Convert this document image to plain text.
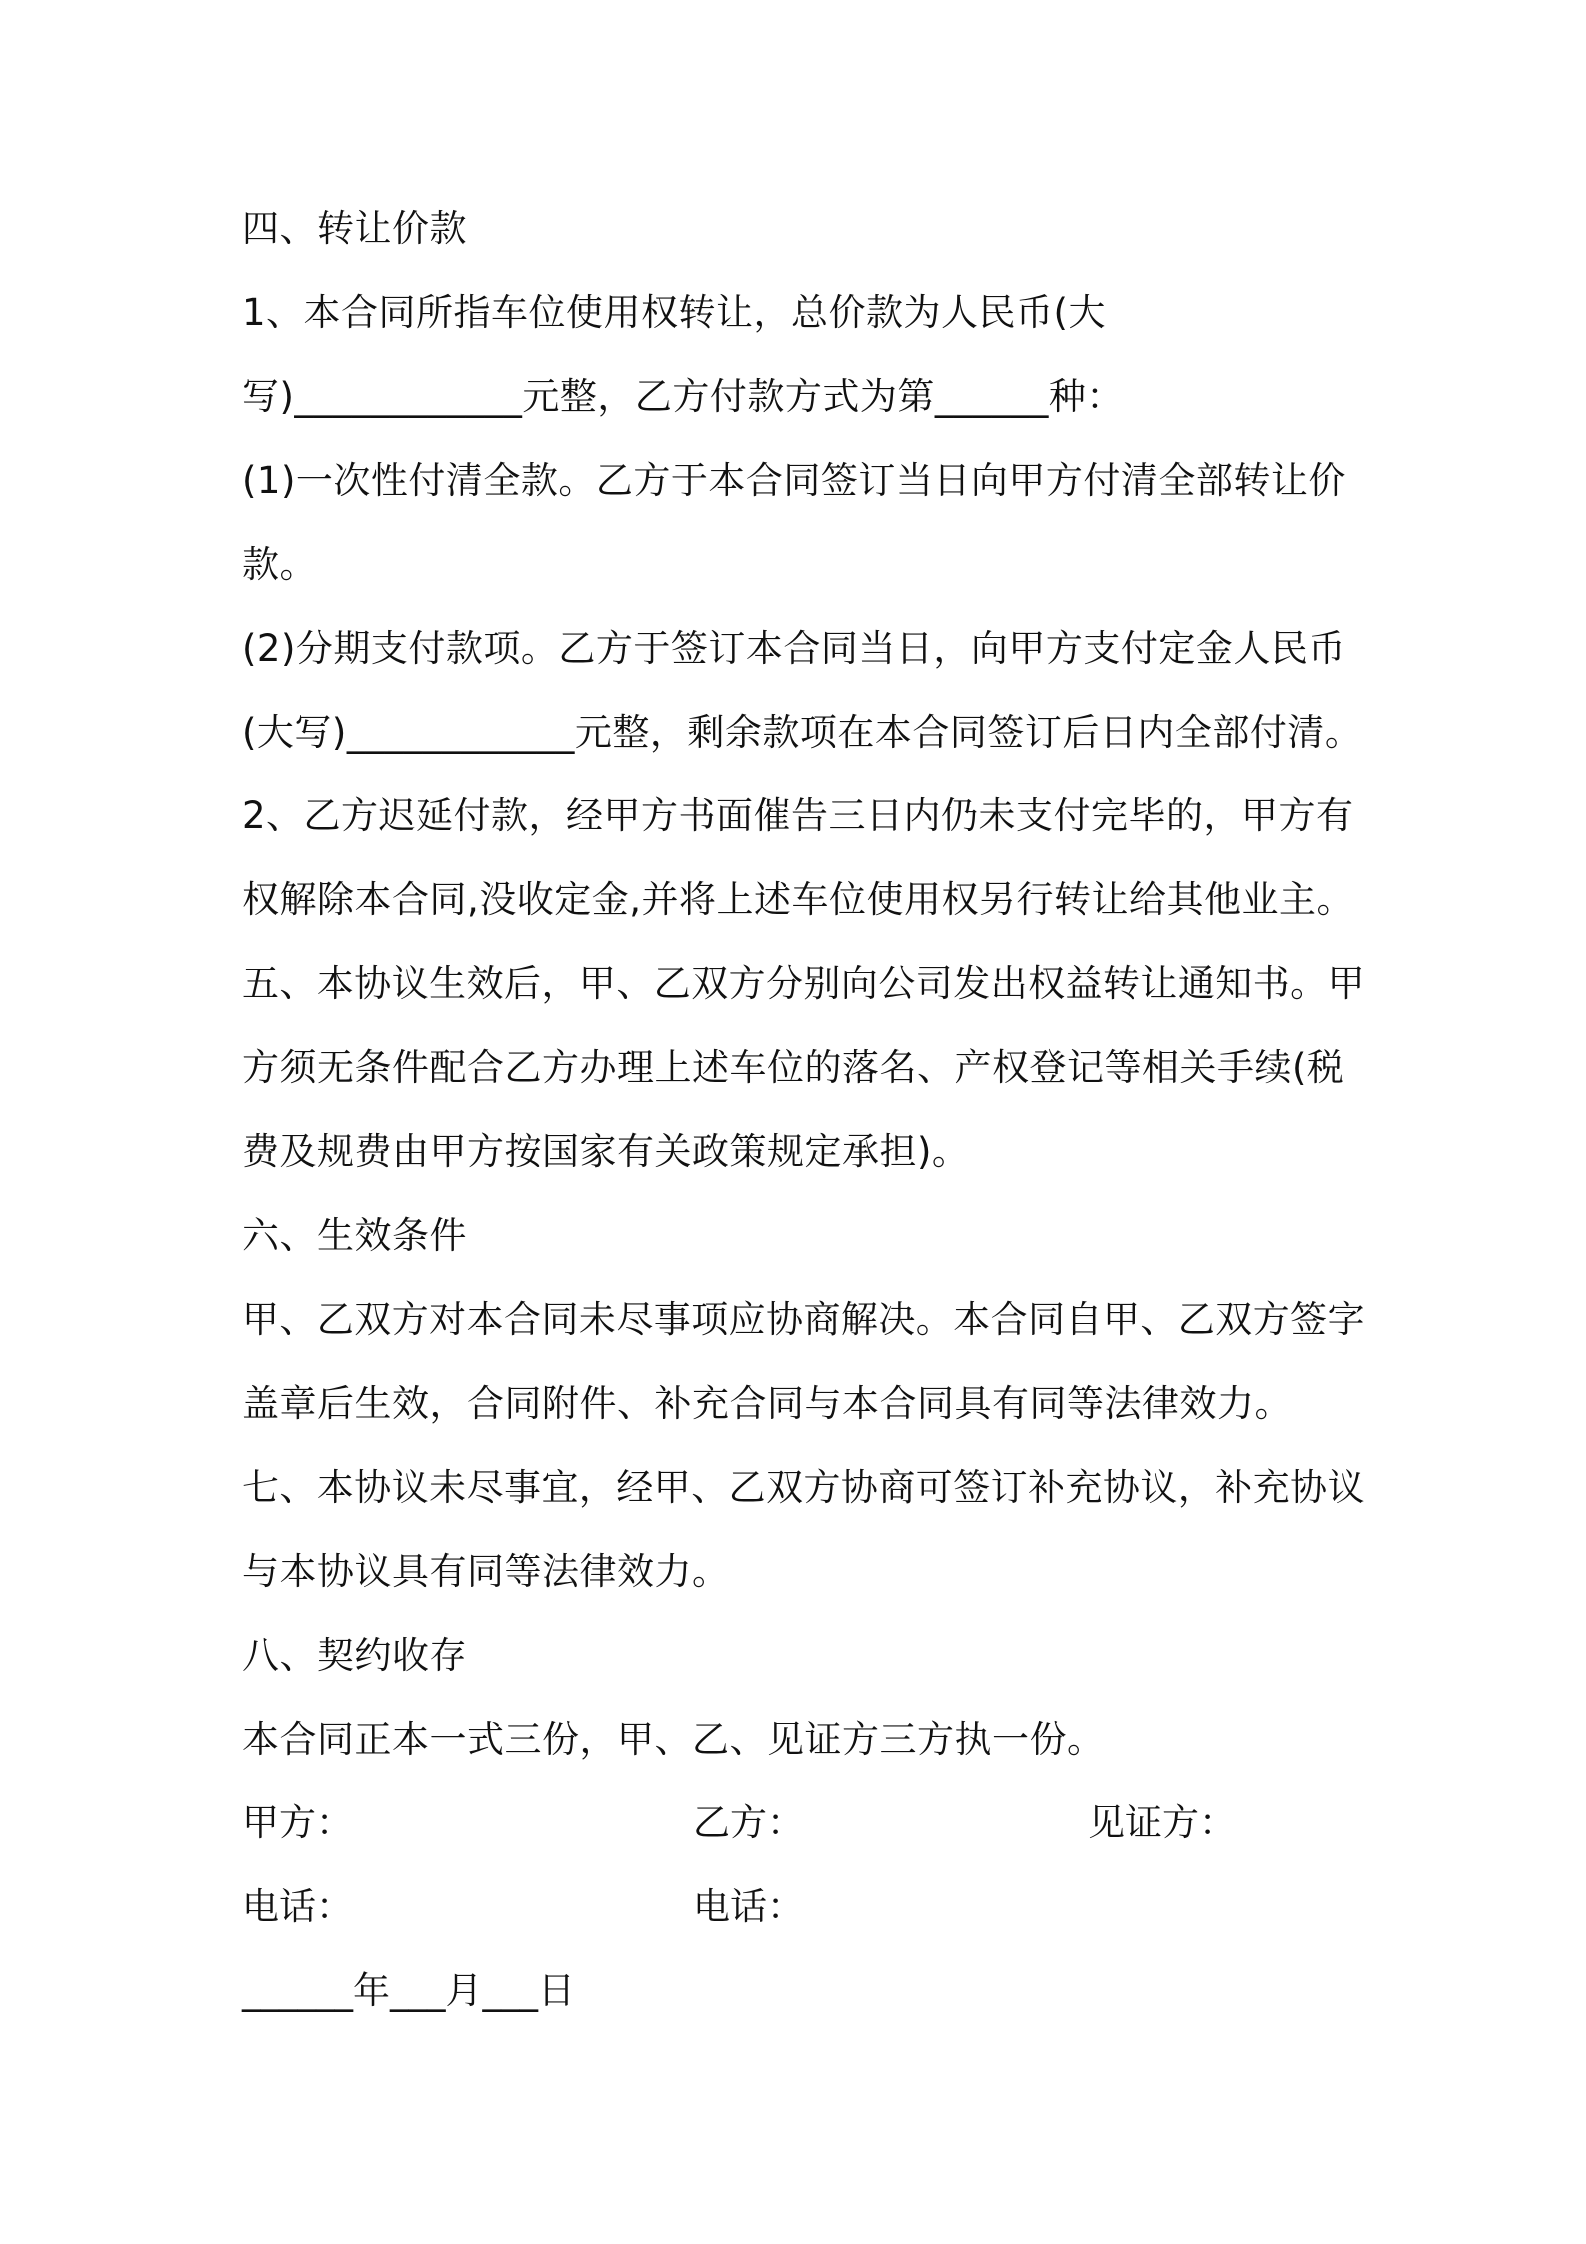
四、转让价款
1、本合同所指车位使用权转让，总价款为人民币(大
写)____________元整，乙方付款方式为第______种：
(1)一次性付清全款。乙方于本合同签订当日向甲方付清全部转让价
款。
(2)分期支付款项。乙方于签订本合同当日，向甲方支付定金人民币
(大写)____________元整，剩余款项在本合同签订后日内全部付清。
2、乙方迟延付款，经甲方书面催告三日内仍未支付完毕的，甲方有
权解除本合同,没收定金,并将上述车位使用权另行转让给其他业主。
五、本协议生效后，甲、乙双方分别向公司发出权益转让通知书。甲
方须无条件配合乙方办理上述车位的落名、产权登记等相关手续(税
费及规费由甲方按国家有关政策规定承担)。
六、生效条件
甲、乙双方对本合同未尽事项应协商解决。本合同自甲、乙双方签字
盖章后生效，合同附件、补充合同与本合同具有同等法律效力。
七、本协议未尽事宜，经甲、乙双方协商可签订补充协议，补充协议
与本协议具有同等法律效力。
八、契约收存
本合同正本一式三份，甲、乙、见证方三方执一份。
甲方：	乙方：	见证方：
电话：	电话：
______年___月___日
